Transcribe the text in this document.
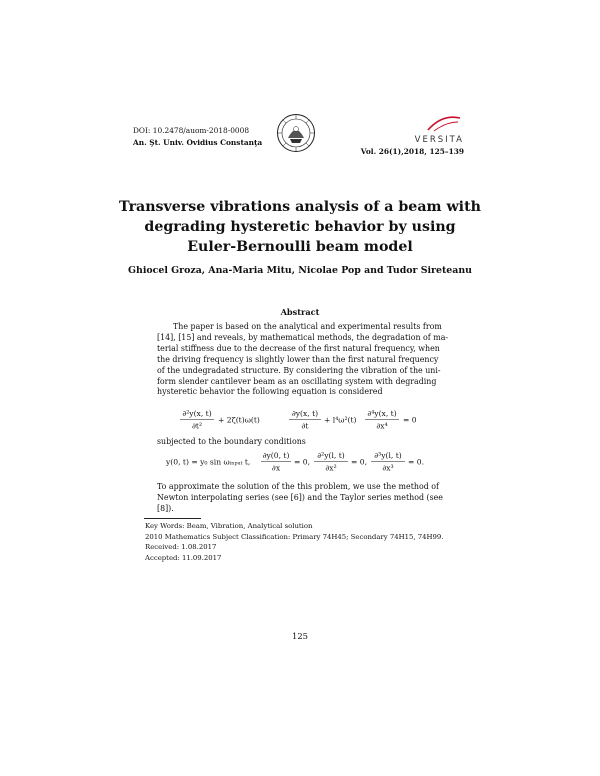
DOI: 10.2478/auom-2018-0008
An. Şt. Univ. Ovidius Constanţa	VERSITA
Vol. 26(1),2018, 125–139
Transverse vibrations analysis of a beam with
degrading hysteretic behavior by using
Euler-Bernoulli beam model
Ghiocel Groza, Ana-Maria Mitu, Nicolae Pop and Tudor Sireteanu
Abstract
The paper is based on the analytical and experimental results from
[14], [15] and reveals, by mathematical methods, the degradation of ma-
terial stiffness due to the decrease of the first natural frequency, when
the driving frequency is slightly lower than the first natural frequency
of the undegradated structure. By considering the vibration of the uni-
form slender cantilever beam as an oscillating system with degrading
hysteretic behavior the following equation is considered
∂²y(x, t)
∂t²
+ 2ζ(t)ω(t)
∂y(x, t)
∂t
+ l⁴ω²(t)
∂⁴y(x, t)
∂x⁴
= 0
subjected to the boundary conditions
y(0, t) = y₀ sin ωᵢₙₚᵤₜ t,
∂y(0, t)
∂x
= 0,
∂²y(l, t)
∂x²
= 0,
∂³y(l, t)
∂x³
= 0.
To approximate the solution of the this problem, we use the method of
Newton interpolating series (see [6]) and the Taylor series method (see
[8]).
Key Words: Beam, Vibration, Analytical solution
2010 Mathematics Subject Classification: Primary 74H45; Secondary 74H15, 74H99.
Received: 1.08.2017
Accepted: 11.09.2017
125
